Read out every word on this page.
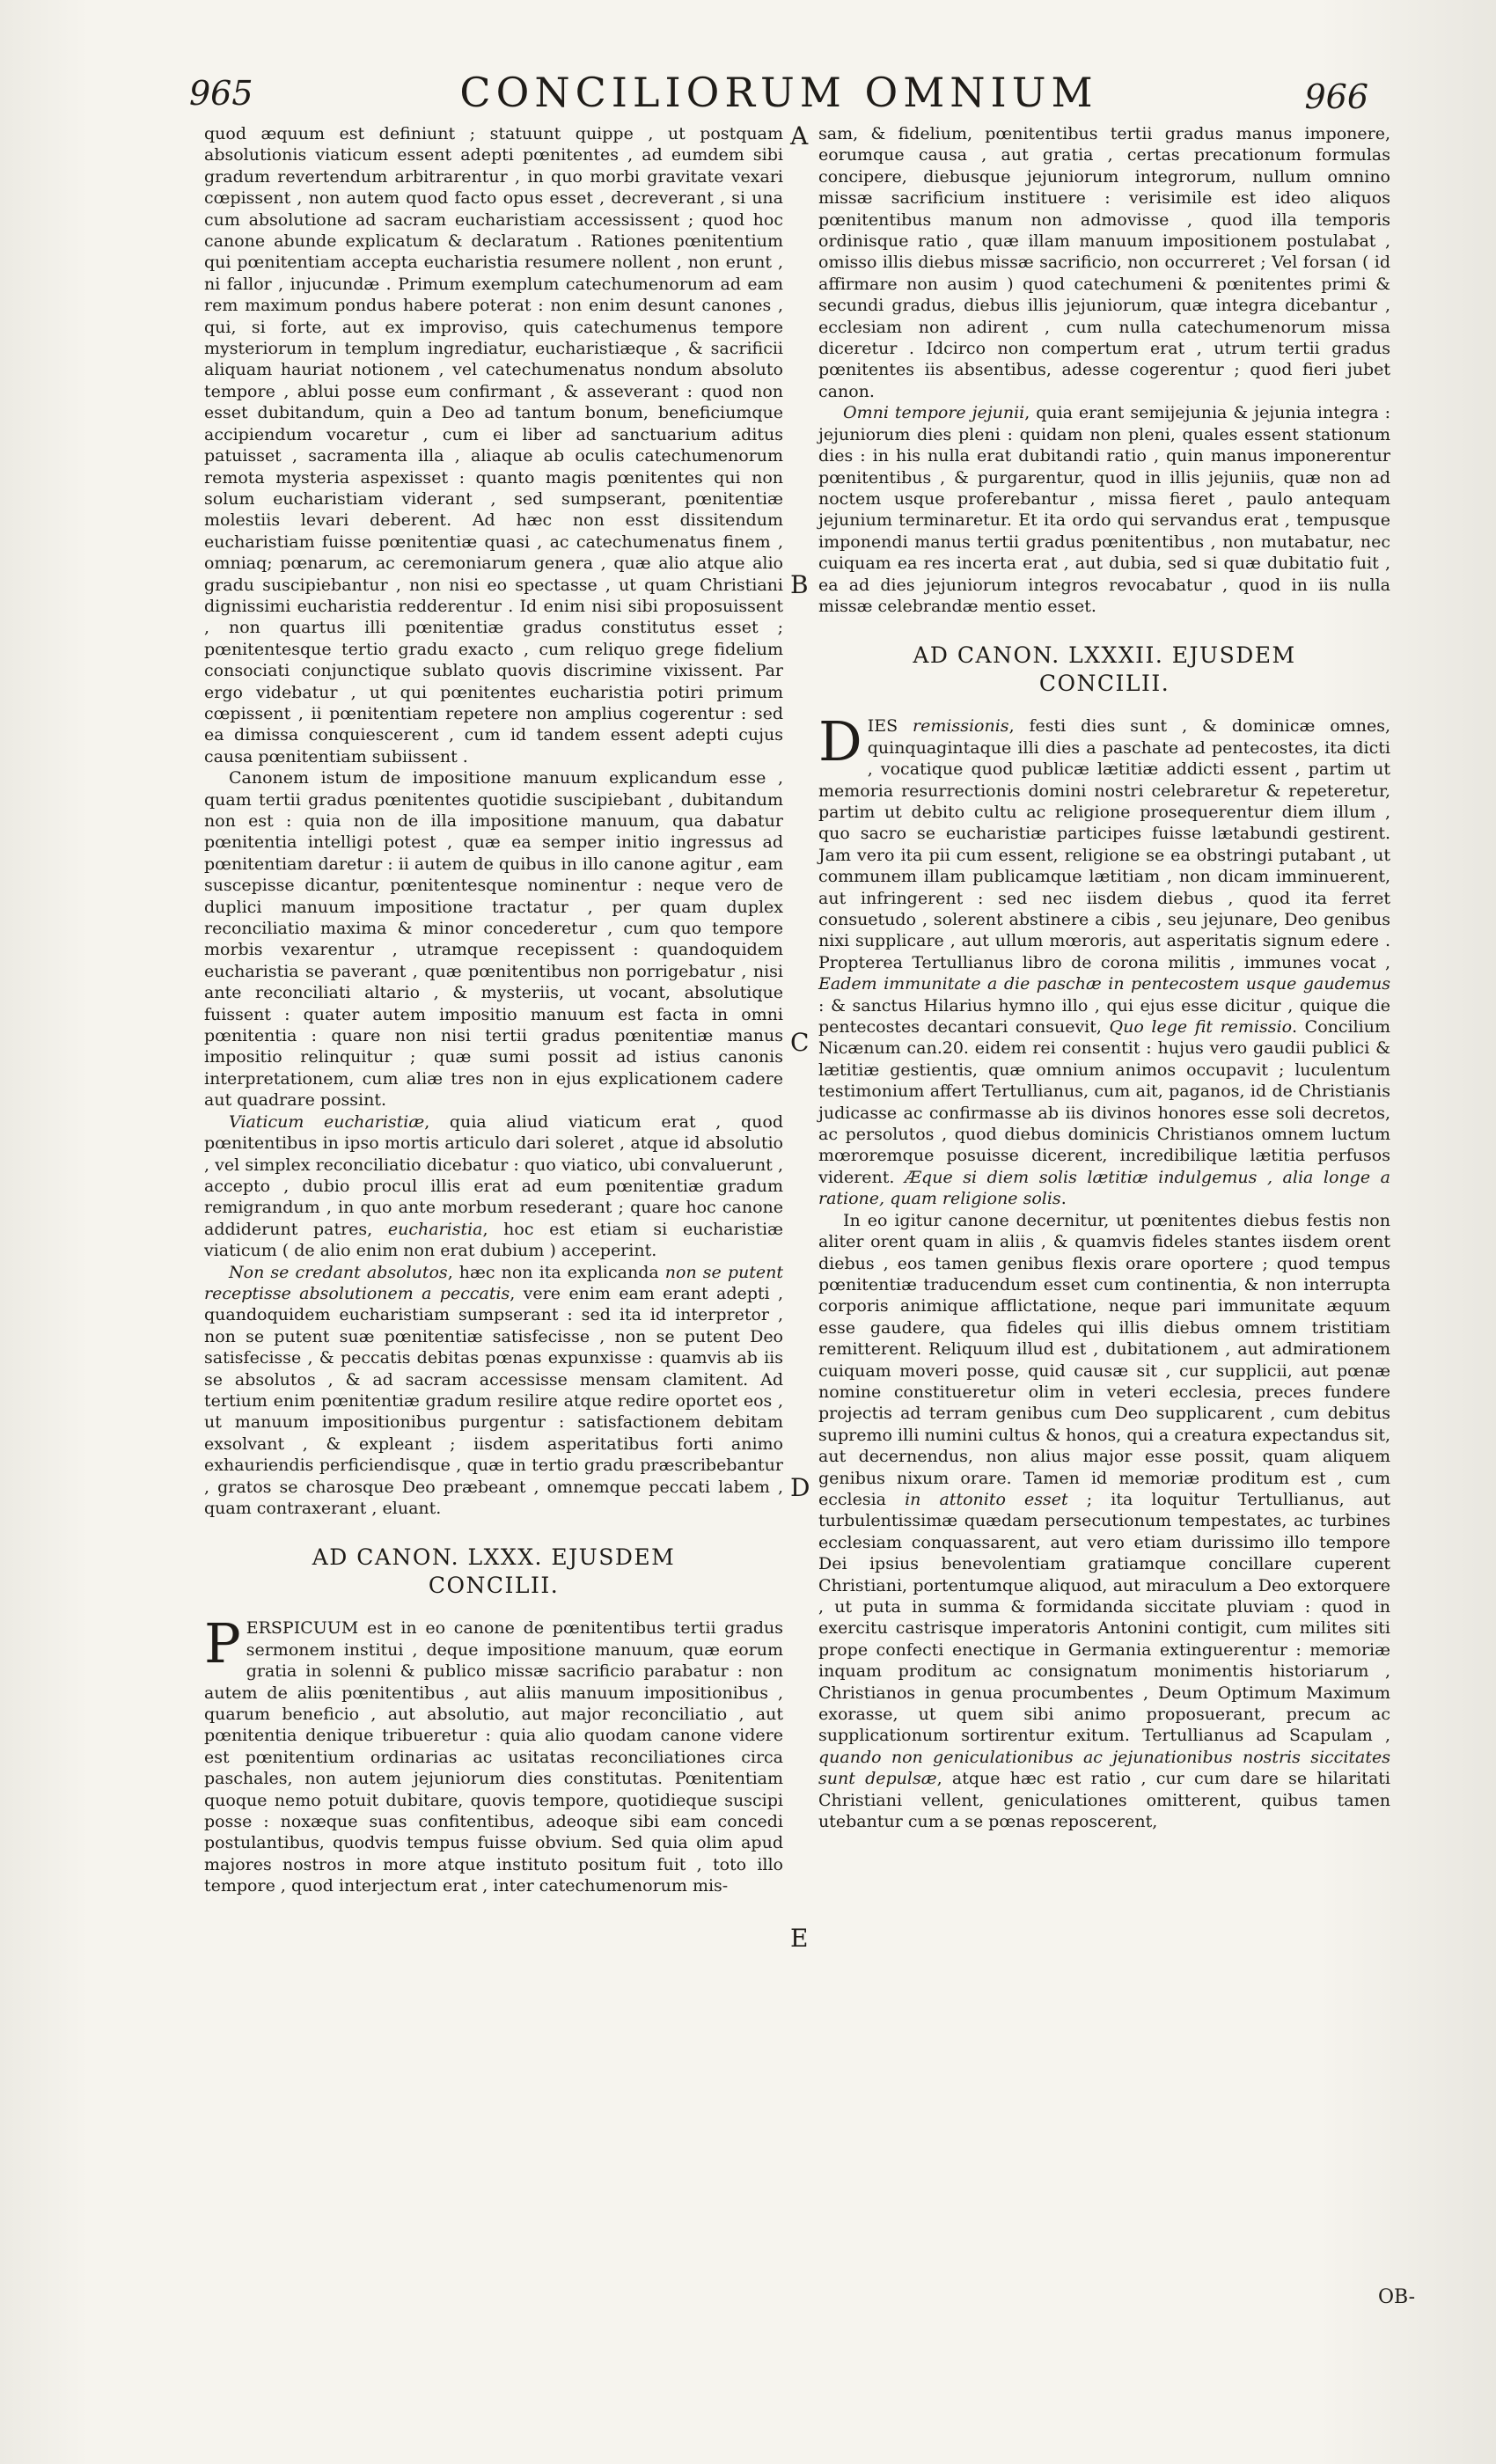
965	CONCILIORUM OMNIUM	966
A
B
C
D
E

quod æquum est definiunt ; statuunt quippe , ut postquam absolutionis viaticum essent adepti pœnitentes , ad eumdem sibi gradum revertendum arbitrarentur , in quo morbi gravitate vexari cœpissent , non autem quod facto opus esset , decreverant , si una cum absolutione ad sacram eucharistiam accessissent ; quod hoc canone abunde explicatum & declaratum . Rationes pœnitentium qui pœnitentiam accepta eucharistia resumere nollent , non erunt , ni fallor , injucundæ . Primum exemplum catechumenorum ad eam rem maximum pondus habere poterat : non enim desunt canones , qui, si forte, aut ex improviso, quis catechumenus tempore mysteriorum in templum ingrediatur, eucharistiæque , & sacrificii aliquam hauriat notionem , vel catechumenatus nondum absoluto tempore , ablui posse eum confirmant , & asseverant : quod non esset dubitandum, quin a Deo ad tantum bonum, beneficiumque accipiendum vocaretur , cum ei liber ad sanctuarium aditus patuisset , sacramenta illa , aliaque ab oculis catechumenorum remota mysteria aspexisset : quanto magis pœnitentes qui non solum eucharistiam viderant , sed sumpserant, pœnitentiæ molestiis levari deberent. Ad hæc non esst dissitendum eucharistiam fuisse pœnitentiæ quasi , ac catechumenatus finem , omniaq; pœnarum, ac ceremoniarum genera , quæ alio atque alio gradu suscipiebantur , non nisi eo spectasse , ut quam Christiani dignissimi eucharistia redderentur . Id enim nisi sibi proposuissent , non quartus illi pœnitentiæ gradus constitutus esset ; pœnitentesque tertio gradu exacto , cum reliquo grege fidelium consociati conjunctique sublato quovis discrimine vixissent. Par ergo videbatur , ut qui pœnitentes eucharistia potiri primum cœpissent , ii pœnitentiam repetere non amplius cogerentur : sed ea dimissa conquiescerent , cum id tandem essent adepti cujus causa pœnitentiam subiissent .

Canonem istum de impositione manuum explicandum esse , quam tertii gradus pœnitentes quotidie suscipiebant , dubitandum non est : quia non de illa impositione manuum, qua dabatur pœnitentia intelligi potest , quæ ea semper initio ingressus ad pœnitentiam daretur : ii autem de quibus in illo canone agitur , eam suscepisse dicantur, pœnitentesque nominentur : neque vero de duplici manuum impositione tractatur , per quam duplex reconciliatio maxima & minor concederetur , cum quo tempore morbis vexarentur , utramque recepissent : quandoquidem eucharistia se paverant , quæ pœnitentibus non porrigebatur , nisi ante reconciliati altario , & mysteriis, ut vocant, absolutique fuissent : quater autem impositio manuum est facta in omni pœnitentia : quare non nisi tertii gradus pœnitentiæ manus impositio relinquitur ; quæ sumi possit ad istius canonis interpretationem, cum aliæ tres non in ejus explicationem cadere aut quadrare possint.

Viaticum eucharistiæ, quia aliud viaticum erat , quod pœnitentibus in ipso mortis articulo dari soleret , atque id absolutio , vel simplex reconciliatio dicebatur : quo viatico, ubi convaluerunt , accepto , dubio procul illis erat ad eum pœnitentiæ gradum remigrandum , in quo ante morbum resederant ; quare hoc canone addiderunt patres, eucharistia, hoc est etiam si eucharistiæ viaticum ( de alio enim non erat dubium ) acceperint.

Non se credant absolutos, hæc non ita explicanda non se putent receptisse absolutionem a peccatis, vere enim eam erant adepti , quandoquidem eucharistiam sumpserant : sed ita id interpretor , non se putent suæ pœnitentiæ satisfecisse , non se putent Deo satisfecisse , & peccatis debitas pœnas expunxisse : quamvis ab iis se absolutos , & ad sacram accessisse mensam clamitent. Ad tertium enim pœnitentiæ gradum resilire atque redire oportet eos , ut manuum impositionibus purgentur : satisfactionem debitam exsolvant , & expleant ; iisdem asperitatibus forti animo exhauriendis perficiendisque , quæ in tertio gradu præscribebantur , gratos se charosque Deo præbeant , omnemque peccati labem , quam contraxerant , eluant.

AD CANON. LXXX. EJUSDEM
CONCILII.

PERSPICUUM est in eo canone de pœnitentibus tertii gradus sermonem institui , deque impositione manuum, quæ eorum gratia in solenni & publico missæ sacrificio parabatur : non autem de aliis pœnitentibus , aut aliis manuum impositionibus , quarum beneficio , aut absolutio, aut major reconciliatio , aut pœnitentia denique tribueretur : quia alio quodam canone videre est pœnitentium ordinarias ac usitatas reconciliationes circa paschales, non autem jejuniorum dies constitutas. Pœnitentiam quoque nemo potuit dubitare, quovis tempore, quotidieque suscipi posse : noxæque suas confitentibus, adeoque sibi eam concedi postulantibus, quodvis tempus fuisse obvium. Sed quia olim apud majores nostros in more atque instituto positum fuit , toto illo tempore , quod interjectum erat , inter catechumenorum mis-

sam, & fidelium, pœnitentibus tertii gradus manus imponere, eorumque causa , aut gratia , certas precationum formulas concipere, diebusque jejuniorum integrorum, nullum omnino missæ sacrificium instituere : verisimile est ideo aliquos pœnitentibus manum non admovisse , quod illa temporis ordinisque ratio , quæ illam manuum impositionem postulabat , omisso illis diebus missæ sacrificio, non occurreret ; Vel forsan ( id affirmare non ausim ) quod catechumeni & pœnitentes primi & secundi gradus, diebus illis jejuniorum, quæ integra dicebantur , ecclesiam non adirent , cum nulla catechumenorum missa diceretur . Idcirco non compertum erat , utrum tertii gradus pœnitentes iis absentibus, adesse cogerentur ; quod fieri jubet canon.

Omni tempore jejunii, quia erant semijejunia & jejunia integra : jejuniorum dies pleni : quidam non pleni, quales essent stationum dies : in his nulla erat dubitandi ratio , quin manus imponerentur pœnitentibus , & purgarentur, quod in illis jejuniis, quæ non ad noctem usque proferebantur , missa fieret , paulo antequam jejunium terminaretur. Et ita ordo qui servandus erat , tempusque imponendi manus tertii gradus pœnitentibus , non mutabatur, nec cuiquam ea res incerta erat , aut dubia, sed si quæ dubitatio fuit , ea ad dies jejuniorum integros revocabatur , quod in iis nulla missæ celebrandæ mentio esset.

AD CANON. LXXXII. EJUSDEM
CONCILII.

DIES remissionis, festi dies sunt , & dominicæ omnes, quinquagintaque illi dies a paschate ad pentecostes, ita dicti , vocatique quod publicæ lætitiæ addicti essent , partim ut memoria resurrectionis domini nostri celebraretur & repeteretur, partim ut debito cultu ac religione prosequerentur diem illum , quo sacro se eucharistiæ participes fuisse lætabundi gestirent. Jam vero ita pii cum essent, religione se ea obstringi putabant , ut communem illam publicamque lætitiam , non dicam imminuerent, aut infringerent : sed nec iisdem diebus , quod ita ferret consuetudo , solerent abstinere a cibis , seu jejunare, Deo genibus nixi supplicare , aut ullum mœroris, aut asperitatis signum edere . Propterea Tertullianus libro de corona militis , immunes vocat , Eadem immunitate a die paschæ in pentecostem usque gaudemus : & sanctus Hilarius hymno illo , qui ejus esse dicitur , quique die pentecostes decantari consuevit, Quo lege fit remissio. Concilium Nicænum can.20. eidem rei consentit : hujus vero gaudii publici & lætitiæ gestientis, quæ omnium animos occupavit ; luculentum testimonium affert Tertullianus, cum ait, paganos, id de Christianis judicasse ac confirmasse ab iis divinos honores esse soli decretos, ac persolutos , quod diebus dominicis Christianos omnem luctum mœroremque posuisse dicerent, incredibilique lætitia perfusos viderent. Æque si diem solis lætitiæ indulgemus , alia longe a ratione, quam religione solis.

In eo igitur canone decernitur, ut pœnitentes diebus festis non aliter orent quam in aliis , & quamvis fideles stantes iisdem orent diebus , eos tamen genibus flexis orare oportere ; quod tempus pœnitentiæ traducendum esset cum continentia, & non interrupta corporis animique afflictatione, neque pari immunitate æquum esse gaudere, qua fideles qui illis diebus omnem tristitiam remitterent. Reliquum illud est , dubitationem , aut admirationem cuiquam moveri posse, quid causæ sit , cur supplicii, aut pœnæ nomine constitueretur olim in veteri ecclesia, preces fundere projectis ad terram genibus cum Deo supplicarent , cum debitus supremo illi numini cultus & honos, qui a creatura expectandus sit, aut decernendus, non alius major esse possit, quam aliquem genibus nixum orare. Tamen id memoriæ proditum est , cum ecclesia in attonito esset ; ita loquitur Tertullianus, aut turbulentissimæ quædam persecutionum tempestates, ac turbines ecclesiam conquassarent, aut vero etiam durissimo illo tempore Dei ipsius benevolentiam gratiamque concillare cuperent Christiani, portentumque aliquod, aut miraculum a Deo extorquere , ut puta in summa & formidanda siccitate pluviam : quod in exercitu castrisque imperatoris Antonini contigit, cum milites siti prope confecti enectique in Germania extinguerentur : memoriæ inquam proditum ac consignatum monimentis historiarum , Christianos in genua procumbentes , Deum Optimum Maximum exorasse, ut quem sibi animo proposuerant, precum ac supplicationum sortirentur exitum. Tertullianus ad Scapulam , quando non geniculationibus ac jejunationibus nostris siccitates sunt depulsæ, atque hæc est ratio , cur cum dare se hilaritati Christiani vellent, geniculationes omitterent, quibus tamen utebantur cum a se pœnas reposcerent,

OB-
